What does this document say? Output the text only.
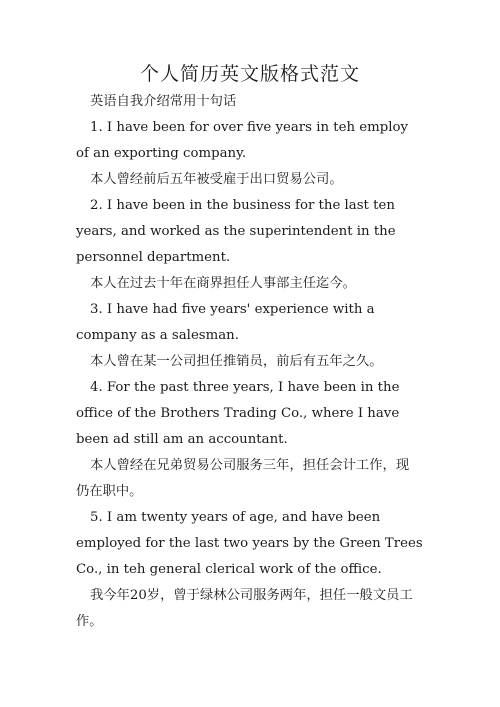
个人简历英文版格式范文
英语自我介绍常用十句话
1. I have been for over five years in teh employ
of an exporting company.
本人曾经前后五年被受雇于出口贸易公司。
2. I have been in the business for the last ten
years, and worked as the superintendent in the
personnel department.
本人在过去十年在商界担任人事部主任迄今。
3. I have had five years' experience with a
company as a salesman.
本人曾在某一公司担任推销员，前后有五年之久。
4. For the past three years, I have been in the
office of the Brothers Trading Co., where I have
been ad still am an accountant.
本人曾经在兄弟贸易公司服务三年，担任会计工作，现
仍在职中。
5. I am twenty years of age, and have been
employed for the last two years by the Green Trees
Co., in teh general clerical work of the office.
我今年20岁，曾于绿林公司服务两年，担任一般文员工
作。
